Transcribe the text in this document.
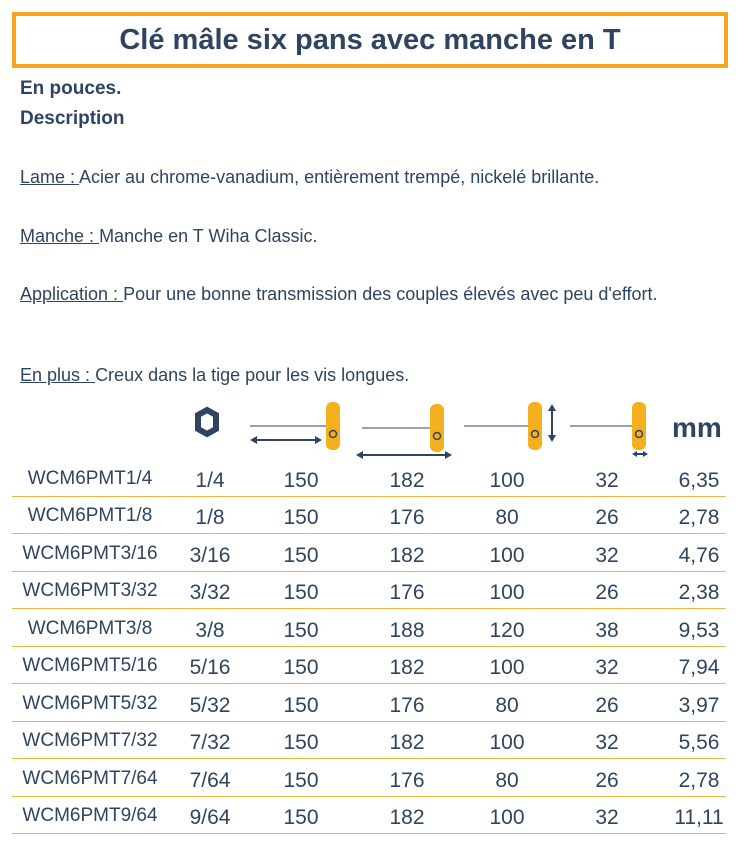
Clé mâle six pans avec manche en T
En pouces.
Description
Lame : Acier au chrome-vanadium, entièrement trempé, nickelé brillante.
Manche : Manche en T Wiha Classic.
Application : Pour une bonne transmission des couples élevés avec peu d'effort.
En plus : Creux dans la tige pour les vis longues.
mm
WCM6PMT1/4 1/4	150	182	100	32	6,35
WCM6PMT1/8 1/8	150	176	80	26	2,78
WCM6PMT3/16 3/16	150	182	100	32	4,76
WCM6PMT3/32 3/32	150	176	100	26	2,38
WCM6PMT3/8 3/8	150	188	120	38	9,53
WCM6PMT5/16 5/16	150	182	100	32	7,94
WCM6PMT5/32 5/32	150	176	80	26	3,97
WCM6PMT7/32 7/32	150	182	100	32	5,56
WCM6PMT7/64 7/64	150	176	80	26	2,78
WCM6PMT9/64 9/64	150	182	100	32	11,11
